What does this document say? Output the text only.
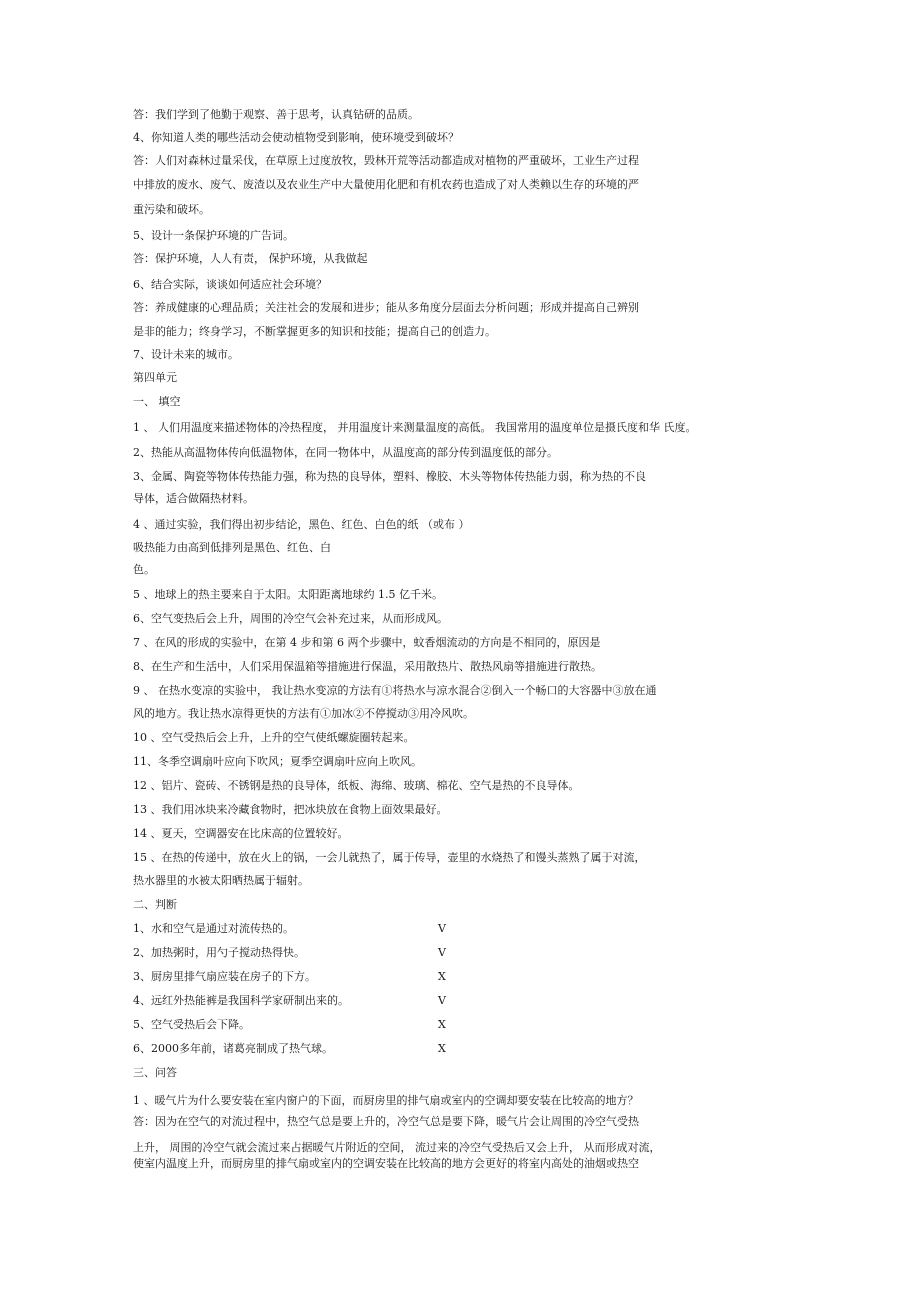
答：我们学到了他勤于观察、善于思考，认真钻研的品质。
4、你知道人类的哪些活动会使动植物受到影响，使环境受到破坏？
答：人们对森林过量采伐，在草原上过度放牧，毁林开荒等活动都造成对植物的严重破坏，工业生产过程
中排放的废水、废气、废渣以及农业生产中大量使用化肥和有机农药也造成了对人类赖以生存的环境的严
重污染和破坏。
5、设计一条保护环境的广告词。
答：保护环境，人人有责， 保护环境，从我做起
6、结合实际，谈谈如何适应社会环境？
答：养成健康的心理品质；关注社会的发展和进步；能从多角度分层面去分析问题；形成并提高自己辨别
是非的能力；终身学习，不断掌握更多的知识和技能；提高自己的创造力。
7、设计未来的城市。
第四单元
一、 填空
1 、 人们用温度来描述物体的冷热程度， 并用温度计来测量温度的高低。 我国常用的温度单位是摄氏度和华 氏度。
2、热能从高温物体传向低温物体，在同一物体中，从温度高的部分传到温度低的部分。
3、金属、陶瓷等物体传热能力强，称为热的良导体，塑料、橡胶、木头等物体传热能力弱，称为热的不良
导体，适合做隔热材料。
4 、通过实验，我们得出初步结论，黑色、红色、白色的纸 （或布 ）
吸热能力由高到低排列是黑色、红色、白
色。
5 、地球上的热主要来自于太阳。太阳距离地球约 1.5 亿千米。
6、空气变热后会上升，周围的冷空气会补充过来，从而形成风。
7 、在风的形成的实验中，在第 4 步和第 6 两个步骤中，蚊香烟流动的方向是不相同的，原因是
8、在生产和生活中，人们采用保温箱等措施进行保温，采用散热片、散热风扇等措施进行散热。
9 、 在热水变凉的实验中， 我让热水变凉的方法有①将热水与凉水混合②倒入一个畅口的大容器中③放在通
风的地方。我让热水凉得更快的方法有①加冰②不停搅动③用冷风吹。
10 、空气受热后会上升，上升的空气使纸螺旋圈转起来。
11、冬季空调扇叶应向下吹风；夏季空调扇叶应向上吹风。
12 、铝片、瓷砖、不锈钢是热的良导体，纸板、海绵、玻璃、棉花、空气是热的不良导体。
13 、我们用冰块来冷藏食物时，把冰块放在食物上面效果最好。
14 、夏天，空调器安在比床高的位置较好。
15 、在热的传递中，放在火上的锅，一会儿就热了，属于传导，壶里的水烧热了和馒头蒸熟了属于对流，
热水器里的水被太阳晒热属于辐射。
二、判断
1、水和空气是通过对流传热的。	V
2、加热粥时，用勺子搅动热得快。	V
3、厨房里排气扇应装在房子的下方。	X
4、远红外热能裤是我国科学家研制出来的。	V
5、空气受热后会下降。	X
6、2000多年前，诸葛亮制成了热气球。	X
三、问答
1 、暖气片为什么要安装在室内窗户的下面，而厨房里的排气扇或室内的空调却要安装在比较高的地方？
答：因为在空气的对流过程中，热空气总是要上升的，冷空气总是要下降，暖气片会让周围的冷空气受热
上升， 周围的冷空气就会流过来占据暖气片附近的空间， 流过来的冷空气受热后又会上升， 从而形成对流，
使室内温度上升，而厨房里的排气扇或室内的空调安装在比较高的地方会更好的将室内高处的油烟或热空
